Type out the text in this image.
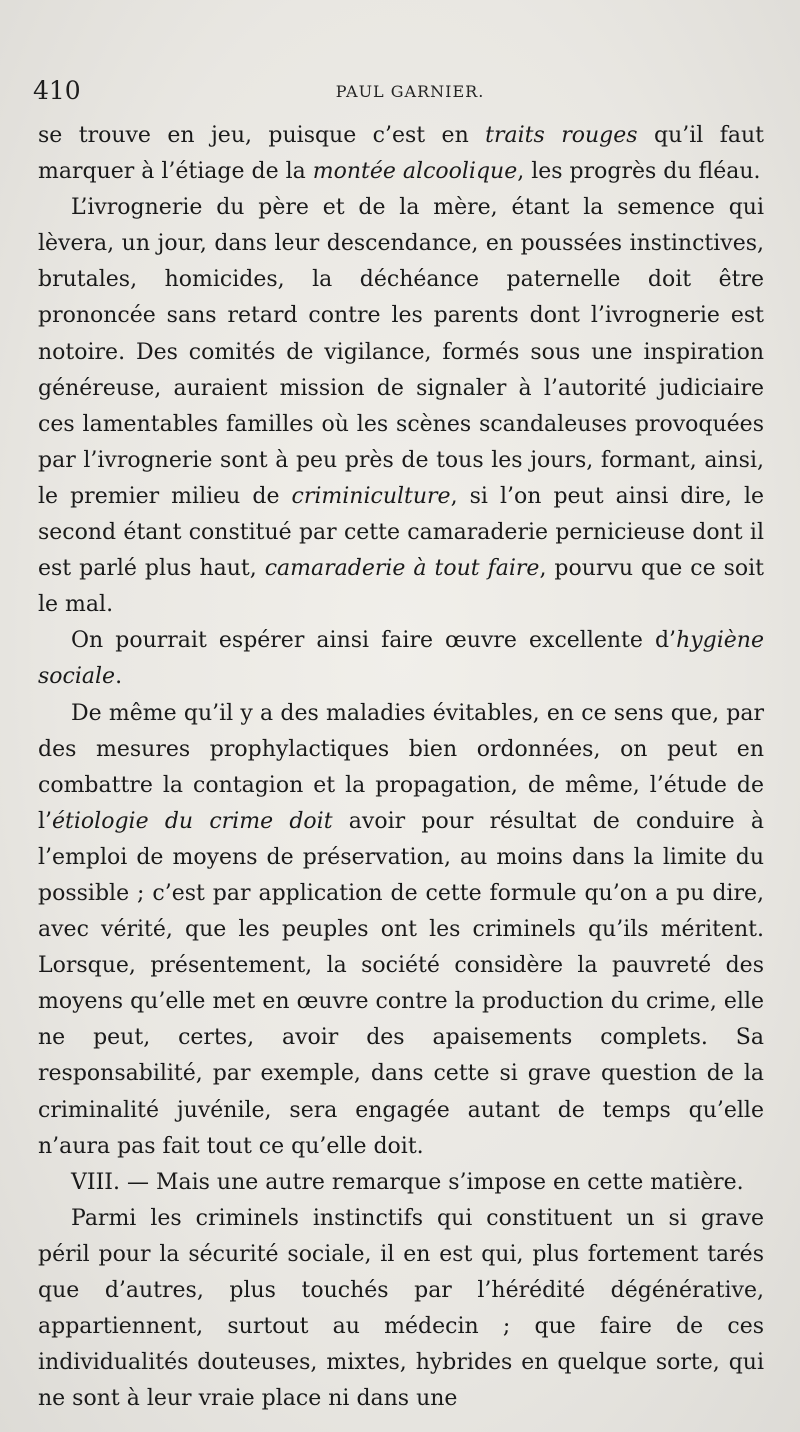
410	PAUL GARNIER.

se trouve en jeu, puisque c’est en traits rouges qu’il faut marquer à l’étiage de la montée alcoolique, les progrès du fléau.

L’ivrognerie du père et de la mère, étant la semence qui lèvera, un jour, dans leur descendance, en poussées instinctives, brutales, homicides, la déchéance paternelle doit être prononcée sans retard contre les parents dont l’ivrognerie est notoire. Des comités de vigilance, formés sous une inspiration généreuse, auraient mission de signaler à l’autorité judiciaire ces lamentables familles où les scènes scandaleuses provoquées par l’ivrognerie sont à peu près de tous les jours, formant, ainsi, le premier milieu de criminiculture, si l’on peut ainsi dire, le second étant constitué par cette camaraderie pernicieuse dont il est parlé plus haut, camaraderie à tout faire, pourvu que ce soit le mal.

On pourrait espérer ainsi faire œuvre excellente d’hygiène sociale.

De même qu’il y a des maladies évitables, en ce sens que, par des mesures prophylactiques bien ordonnées, on peut en combattre la contagion et la propagation, de même, l’étude de l’étiologie du crime doit avoir pour résultat de conduire à l’emploi de moyens de préservation, au moins dans la limite du possible ; c’est par application de cette formule qu’on a pu dire, avec vérité, que les peuples ont les criminels qu’ils méritent. Lorsque, présentement, la société considère la pauvreté des moyens qu’elle met en œuvre contre la production du crime, elle ne peut, certes, avoir des apaisements complets. Sa responsabilité, par exemple, dans cette si grave question de la criminalité juvénile, sera engagée autant de temps qu’elle n’aura pas fait tout ce qu’elle doit.

VIII. — Mais une autre remarque s’impose en cette matière.

Parmi les criminels instinctifs qui constituent un si grave péril pour la sécurité sociale, il en est qui, plus fortement tarés que d’autres, plus touchés par l’hérédité dégénérative, appartiennent, surtout au médecin ; que faire de ces individualités douteuses, mixtes, hybrides en quelque sorte, qui ne sont à leur vraie place ni dans une
